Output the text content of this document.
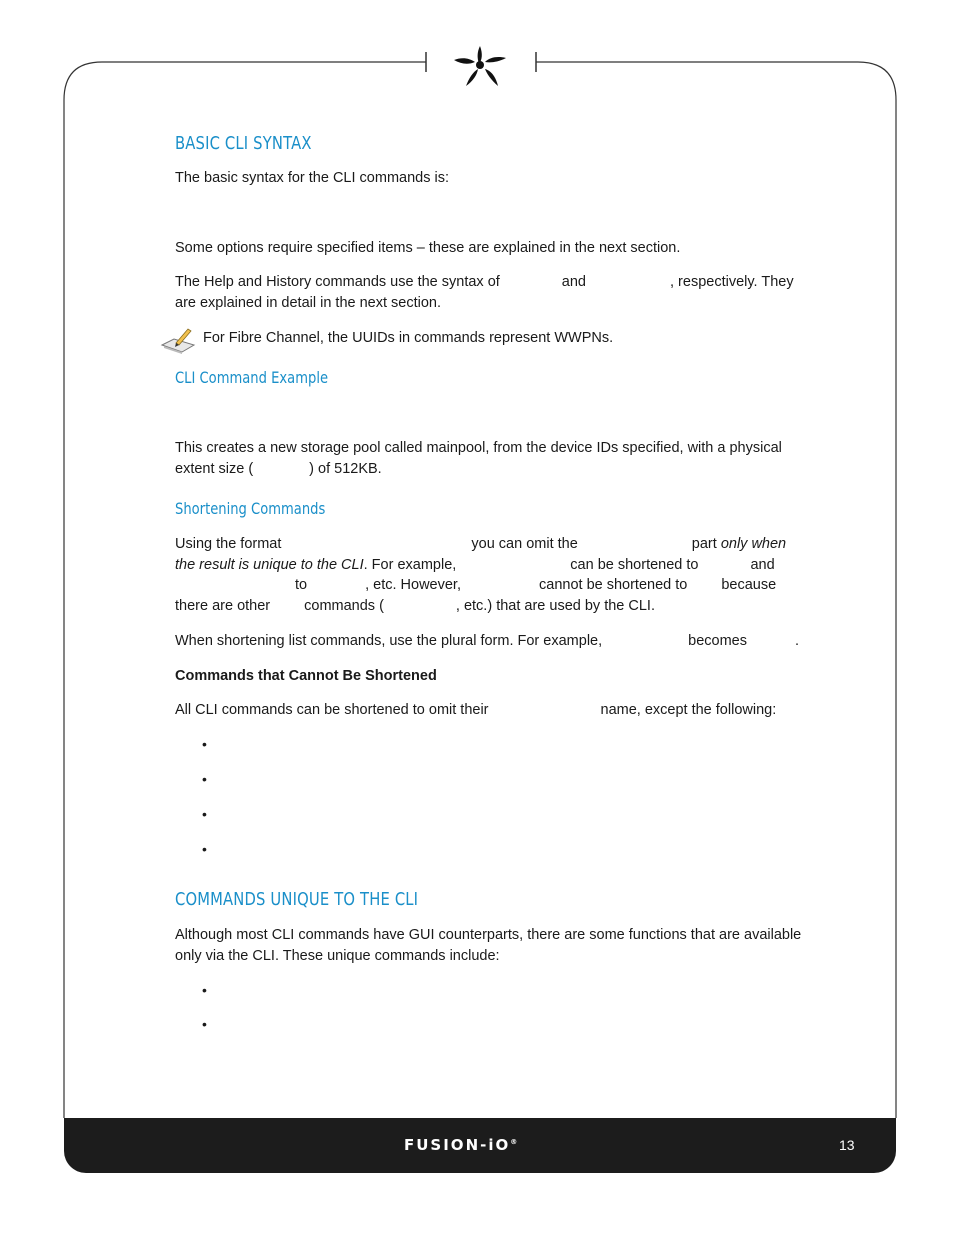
BASIC CLI SYNTAX

The basic syntax for the CLI commands is:

Some options require specified items – these are explained in the next section.

The Help and History commands use the syntax of	and	, respectively. They

are explained in detail in the next section.

For Fibre Channel, the UUIDs in commands represent WWPNs.

CLI Command Example

This creates a new storage pool called mainpool, from the device IDs specified, with a physical

extent size (	) of 512KB.

Shortening Commands

Using the format	you can omit the	part only when

the result is unique to the CLI. For example,	can be shortened to	and

to	, etc. However,	cannot be shortened to because

there are other commands (	, etc.) that are used by the CLI.

When shortening list commands, use the plural form. For example,	becomes	.

Commands that Cannot Be Shortened

All CLI commands can be shortened to omit their	name, except the following:

•
•
•
•
COMMANDS UNIQUE TO THE CLI

Although most CLI commands have GUI counterparts, there are some functions that are available

only via the CLI. These unique commands include:

•
•
FUSION-iO®	13
